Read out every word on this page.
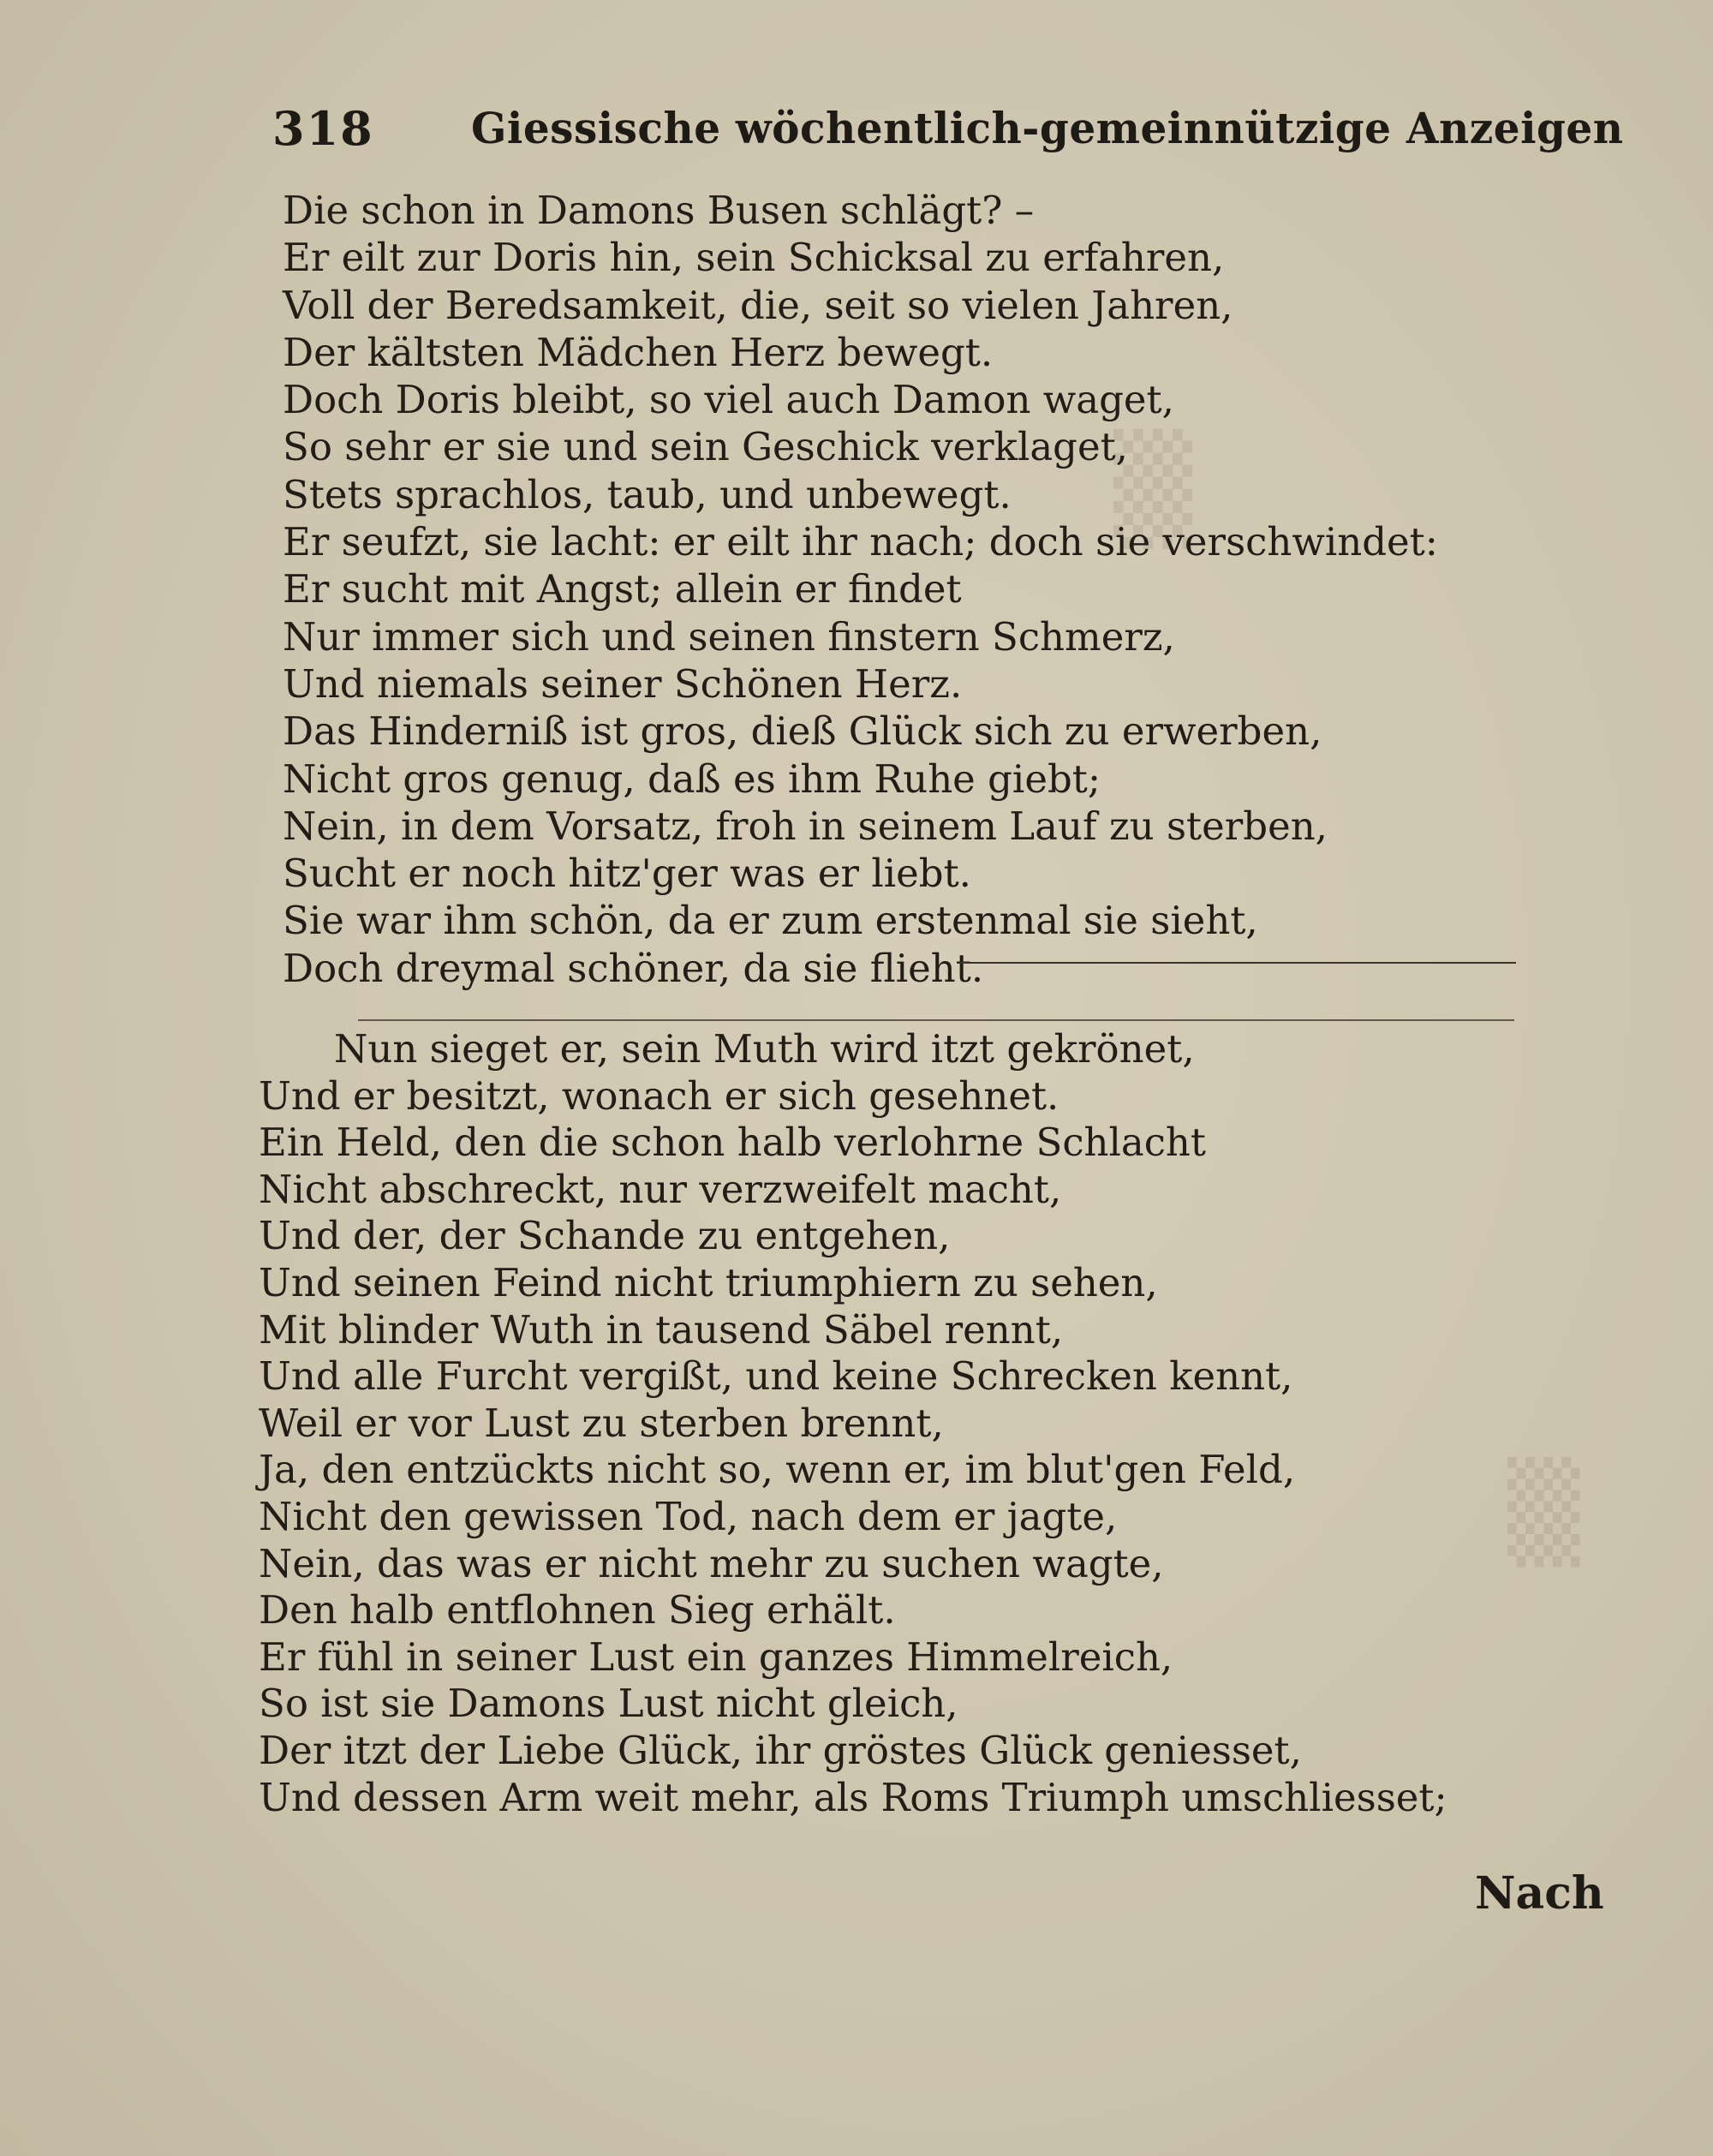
▒
▒
318 Giessische wöchentlich-gemeinnützige Anzeigen
Die schon in Damons Busen schlägt? –
Er eilt zur Doris hin, sein Schicksal zu erfahren,
Voll der Beredsamkeit, die, seit so vielen Jahren,
Der kältsten Mädchen Herz bewegt.
Doch Doris bleibt, so viel auch Damon waget,
So sehr er sie und sein Geschick verklaget,
Stets sprachlos, taub, und unbewegt.
Er seufzt, sie lacht: er eilt ihr nach; doch sie verschwindet:
Er sucht mit Angst; allein er findet
Nur immer sich und seinen finstern Schmerz,
Und niemals seiner Schönen Herz.
Das Hinderniß ist gros, dieß Glück sich zu erwerben,
Nicht gros genug, daß es ihm Ruhe giebt;
Nein, in dem Vorsatz, froh in seinem Lauf zu sterben,
Sucht er noch hitz'ger was er liebt.
Sie war ihm schön, da er zum erstenmal sie sieht,
Doch dreymal schöner, da sie flieht.
Nun sieget er, sein Muth wird itzt gekrönet,
Und er besitzt, wonach er sich gesehnet.
Ein Held, den die schon halb verlohrne Schlacht
Nicht abschreckt, nur verzweifelt macht,
Und der, der Schande zu entgehen,
Und seinen Feind nicht triumphiern zu sehen,
Mit blinder Wuth in tausend Säbel rennt,
Und alle Furcht vergißt, und keine Schrecken kennt,
Weil er vor Lust zu sterben brennt,
Ja, den entzückts nicht so, wenn er, im blut'gen Feld,
Nicht den gewissen Tod, nach dem er jagte,
Nein, das was er nicht mehr zu suchen wagte,
Den halb entflohnen Sieg erhält.
Er fühl in seiner Lust ein ganzes Himmelreich,
So ist sie Damons Lust nicht gleich,
Der itzt der Liebe Glück, ihr gröstes Glück geniesset,
Und dessen Arm weit mehr, als Roms Triumph umschliesset;
Nach
